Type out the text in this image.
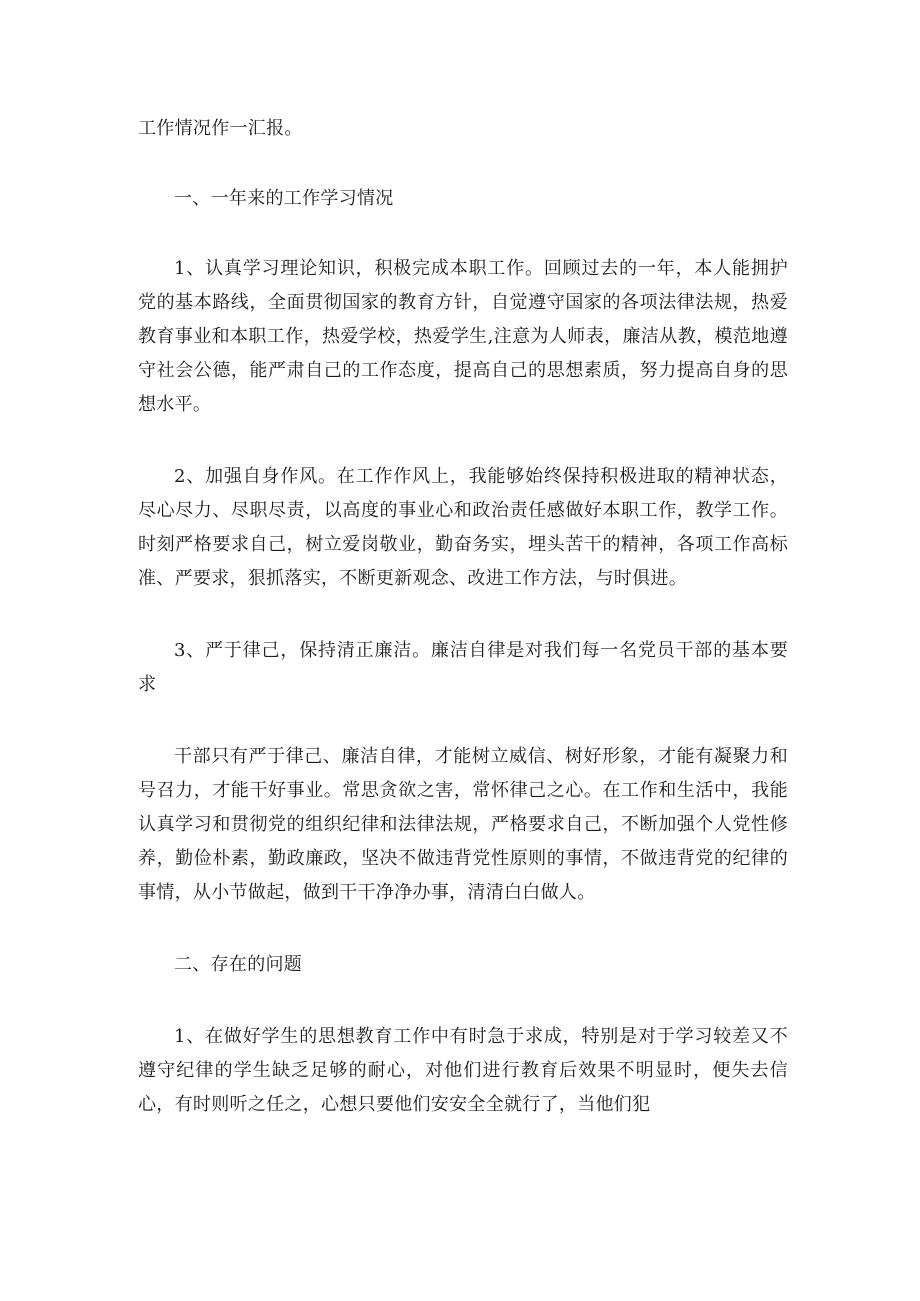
工作情况作一汇报。

一、一年来的工作学习情况

1、认真学习理论知识，积极完成本职工作。回顾过去的一年，本人能拥护党的基本路线，全面贯彻国家的教育方针，自觉遵守国家的各项法律法规，热爱教育事业和本职工作，热爱学校，热爱学生,注意为人师表，廉洁从教，模范地遵守社会公德，能严肃自己的工作态度，提高自己的思想素质，努力提高自身的思想水平。

2、加强自身作风。在工作作风上，我能够始终保持积极进取的精神状态，尽心尽力、尽职尽责，以高度的事业心和政治责任感做好本职工作，教学工作。时刻严格要求自己，树立爱岗敬业，勤奋务实，埋头苦干的精神，各项工作高标准、严要求，狠抓落实，不断更新观念、改进工作方法，与时俱进。

3、严于律己，保持清正廉洁。廉洁自律是对我们每一名党员干部的基本要求

干部只有严于律己、廉洁自律，才能树立威信、树好形象，才能有凝聚力和号召力，才能干好事业。常思贪欲之害，常怀律己之心。在工作和生活中，我能认真学习和贯彻党的组织纪律和法律法规，严格要求自己，不断加强个人党性修养，勤俭朴素，勤政廉政，坚决不做违背党性原则的事情，不做违背党的纪律的事情，从小节做起，做到干干净净办事，清清白白做人。

二、存在的问题

1、在做好学生的思想教育工作中有时急于求成，特别是对于学习较差又不遵守纪律的学生缺乏足够的耐心，对他们进行教育后效果不明显时，便失去信心，有时则听之任之，心想只要他们安安全全就行了，当他们犯
